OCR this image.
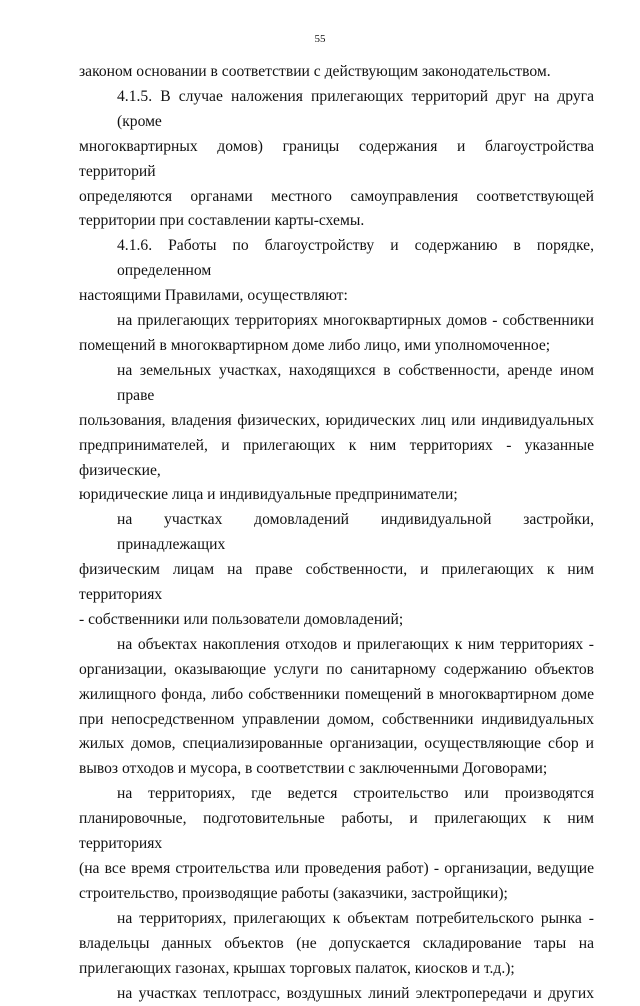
55
законом основании в соответствии с действующим законодательством.
4.1.5. В случае наложения прилегающих территорий друг на друга (кроме
многоквартирных домов) границы содержания и благоустройства территорий
определяются органами местного самоуправления соответствующей
территории при составлении карты-схемы.
4.1.6. Работы по благоустройству и содержанию в порядке, определенном
настоящими Правилами, осуществляют:
на прилегающих территориях многоквартирных домов - собственники
помещений в многоквартирном доме либо лицо, ими уполномоченное;
на земельных участках, находящихся в собственности, аренде ином праве
пользования, владения физических, юридических лиц или индивидуальных
предпринимателей, и прилегающих к ним территориях - указанные физические,
юридические лица и индивидуальные предприниматели;
на участках домовладений индивидуальной застройки, принадлежащих
физическим лицам на праве собственности, и прилегающих к ним территориях
- собственники или пользователи домовладений;
на объектах накопления отходов и прилегающих к ним территориях -
организации, оказывающие услуги по санитарному содержанию объектов
жилищного фонда, либо собственники помещений в многоквартирном доме
при непосредственном управлении домом, собственники индивидуальных
жилых домов, специализированные организации, осуществляющие сбор и
вывоз отходов и мусора, в соответствии с заключенными Договорами;
на территориях, где ведется строительство или производятся
планировочные, подготовительные работы, и прилегающих к ним территориях
(на все время строительства или проведения работ) - организации, ведущие
строительство, производящие работы (заказчики, застройщики);
на территориях, прилегающих к объектам потребительского рынка -
владельцы данных объектов (не допускается складирование тары на
прилегающих газонах, крышах торговых палаток, киосков и т.д.);
на участках теплотрасс, воздушных линий электропередачи и других
